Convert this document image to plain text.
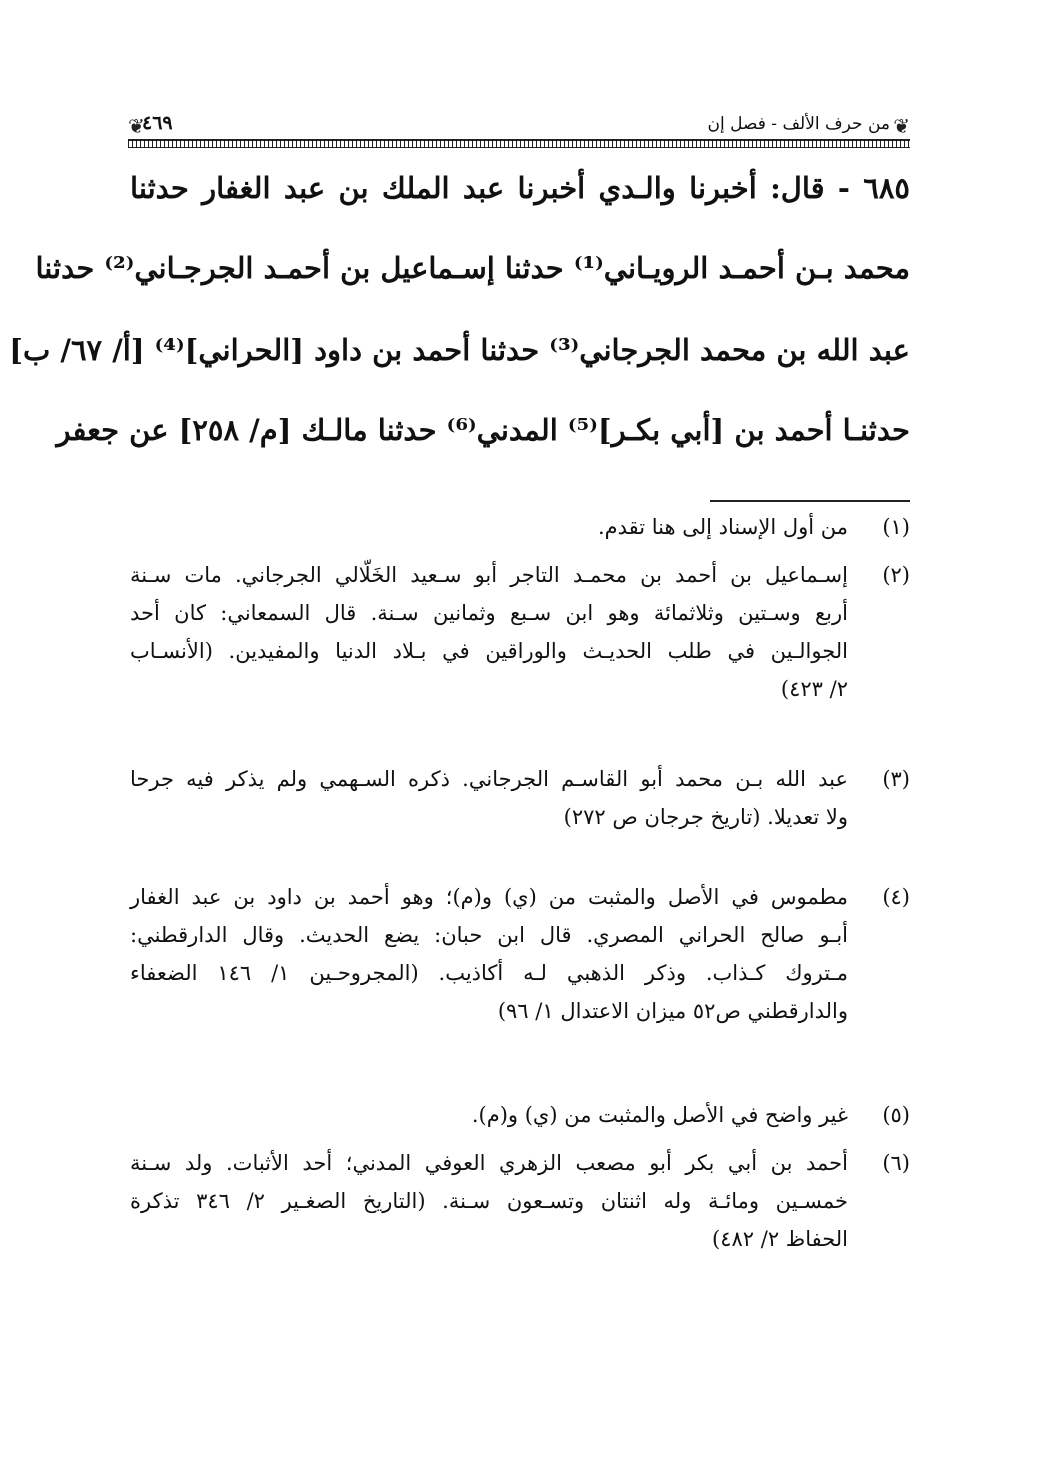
❦
من حرف الألف - فصل إن
٤٦٩
❦
٦٨٥ - قال: أخبرنا والـدي أخبرنا عبد الملك بن عبد الغفار حدثنا
محمد بـن أحمـد الرويـاني⁽¹⁾ حدثنا إسـماعيل بن أحمـد الجرجـاني⁽²⁾ حدثنا
عبد الله بن محمد الجرجاني⁽³⁾ حدثنا أحمد بن داود [الحراني]⁽⁴⁾ [أ/ ٦٧/ ب]
حدثنـا أحمد بن [أبي بكـر]⁽⁵⁾ المدني⁽⁶⁾ حدثنا مالـك [م/ ٢٥٨] عن جعفر
(١)
من أول الإسناد إلى هنا تقدم.
(٢)
إسـماعيل بن أحمد بن محمـد التاجر أبو سـعيد الخَلّالي الجرجاني. مات سـنة
أربع وسـتين وثلاثمائة وهو ابن سـبع وثمانين سـنة. قال السمعاني: كان أحد
الجوالـين في طلب الحديـث والوراقين في بـلاد الدنيا والمفيدين. (الأنسـاب
٢/ ٤٢٣)
(٣)
عبد الله بـن محمد أبو القاسـم الجرجاني. ذكره السـهمي ولم يذكر فيه جرحا
ولا تعديلا. (تاريخ جرجان ص ٢٧٢)
(٤)
مطموس في الأصل والمثبت من (ي) و(م)؛ وهو أحمد بن داود بن عبد الغفار
أبـو صالح الحراني المصري. قال ابن حبان: يضع الحديث. وقال الدارقطني:
مـتروك كـذاب. وذكر الذهبي لـه أكاذيب. (المجروحـين ١/ ١٤٦ الضعفاء
والدارقطني ص٥٢ ميزان الاعتدال ١/ ٩٦)
(٥)
غير واضح في الأصل والمثبت من (ي) و(م).
(٦)
أحمد بن أبي بكر أبو مصعب الزهري العوفي المدني؛ أحد الأثبات. ولد سـنة
خمسـين ومائـة وله اثنتان وتسـعون سـنة. (التاريخ الصغـير ٢/ ٣٤٦ تذكرة
الحفاظ ٢/ ٤٨٢)
